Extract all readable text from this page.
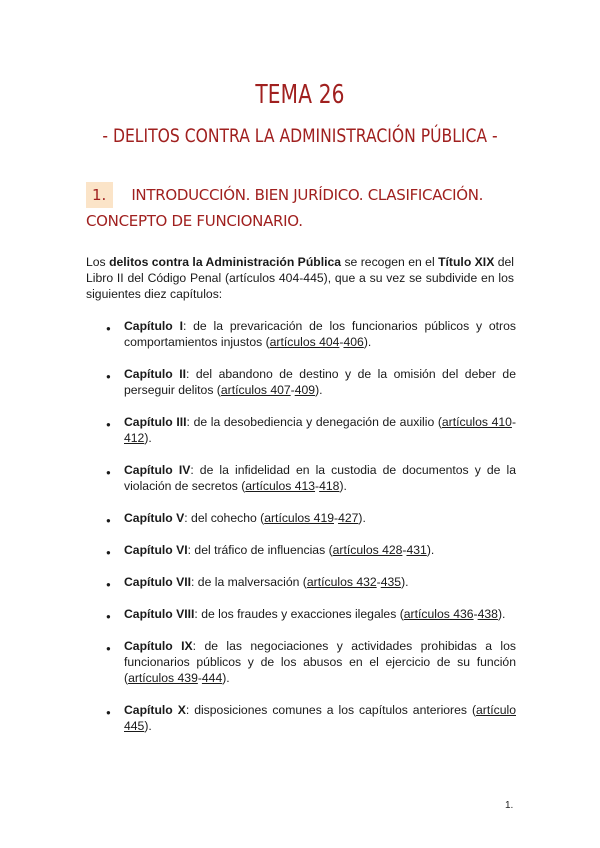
TEMA 26
- DELITOS CONTRA LA ADMINISTRACIÓN PÚBLICA -
1. INTRODUCCIÓN. BIEN JURÍDICO. CLASIFICACIÓN. CONCEPTO DE FUNCIONARIO.

Los delitos contra la Administración Pública se recogen en el Título XIX del Libro II del Código Penal (artículos 404-445), que a su vez se subdivide en los siguientes diez capítulos:

● Capítulo I: de la prevaricación de los funcionarios públicos y otros comportamientos injustos (artículos 404-406).
● Capítulo II: del abandono de destino y de la omisión del deber de perseguir delitos (artículos 407-409).
● Capítulo III: de la desobediencia y denegación de auxilio (artículos 410-412).
● Capítulo IV: de la infidelidad en la custodia de documentos y de la violación de secretos (artículos 413-418).
● Capítulo V: del cohecho (artículos 419-427).
● Capítulo VI: del tráfico de influencias (artículos 428-431).
● Capítulo VII: de la malversación (artículos 432-435).
● Capítulo VIII: de los fraudes y exacciones ilegales (artículos 436-438).
● Capítulo IX: de las negociaciones y actividades prohibidas a los funcionarios públicos y de los abusos en el ejercicio de su función (artículos 439-444).
● Capítulo X: disposiciones comunes a los capítulos anteriores (artículo 445).
1.
